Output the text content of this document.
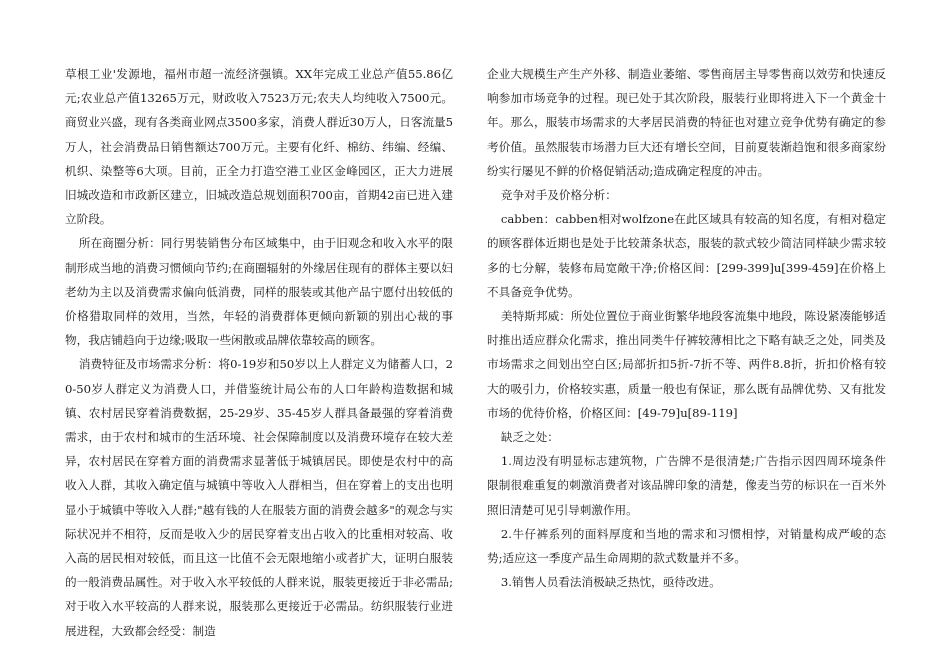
草根工业'发源地，福州市超一流经济强镇。XX年完成工业总产值55.86亿元;农业总产值13265万元，财政收入7523万元;农夫人均纯收入7500元。商贸业兴盛，现有各类商业网点3500多家，消费人群近30万人，日客流量5万人，社会消费品日销售额达700万元。主要有化纤、棉纺、纬编、经编、机织、染整等6大项。目前，正全力打造空港工业区金峰园区，正大力进展旧城改造和市政新区建立，旧城改造总规划面积700亩，首期42亩已进入建立阶段。

所在商圈分析：同行男装销售分布区域集中，由于旧观念和收入水平的限制形成当地的消费习惯倾向节约;在商圈辐射的外缘居住现有的群体主要以妇老幼为主以及消费需求偏向低消费，同样的服装或其他产品宁愿付出较低的价格猎取同样的效用，当然，年轻的消费群体更倾向新颖的别出心裁的事物，我店铺趋向于边缘;吸取一些闲散或品牌依靠较高的顾客。

消费特征及市场需求分析：将0-19岁和50岁以上人群定义为储蓄人口，20-50岁人群定义为消费人口，并借鉴统计局公布的人口年龄构造数据和城镇、农村居民穿着消费数据，25-29岁、35-45岁人群具备最强的穿着消费需求，由于农村和城市的生活环境、社会保障制度以及消费环境存在较大差异，农村居民在穿着方面的消费需求显著低于城镇居民。即使是农村中的高收入人群，其收入确定值与城镇中等收入人群相当，但在穿着上的支出也明显小于城镇中等收入人群;"越有钱的人在服装方面的消费会越多"的观念与实际状况并不相符，反而是收入少的居民穿着支出占收入的比重相对较高、收入高的居民相对较低，而且这一比值不会无限地缩小或者扩大，证明白服装的一般消费品属性。对于收入水平较低的人群来说，服装更接近于非必需品;对于收入水平较高的人群来说，服装那么更接近于必需品。纺织服装行业进展进程，大致都会经受：制造

企业大规模生产生产外移、制造业萎缩、零售商居主导零售商以效劳和快速反响参加市场竞争的过程。现已处于其次阶段，服装行业即将进入下一个黄金十年。那么，服装市场需求的大孝居民消费的特征也对建立竞争优势有确定的参考价值。虽然服装市场潜力巨大还有增长空间，目前夏装渐趋饱和很多商家纷纷实行屡见不鲜的价格促销活动;造成确定程度的冲击。

竞争对手及价格分析：

cabben：cabben相对wolfzone在此区域具有较高的知名度，有相对稳定的顾客群体近期也是处于比较萧条状态，服装的款式较少简洁同样缺少需求较多的七分解，装修布局宽敞干净;价格区间：[299-399]u[399-459]在价格上不具备竞争优势。

美特斯邦威：所处位置位于商业街繁华地段客流集中地段，陈设紧凑能够适时推出适应群众化需求，推出同类牛仔裤较薄相比之下略有缺乏之处，同类及市场需求之间划出空白区;局部折扣5折-7折不等、两件8.8折，折扣价格有较大的吸引力，价格较实惠，质量一般也有保证，那么既有品牌优势、又有批发市场的优待价格，价格区间：[49-79]u[89-119]

缺乏之处：

1.周边没有明显标志建筑物，广告牌不是很清楚;广告指示因四周环境条件限制很难重复的刺激消费者对该品牌印象的清楚，像麦当劳的标识在一百米外照旧清楚可见引导刺激作用。

2.牛仔裤系列的面料厚度和当地的需求和习惯相悖，对销量构成严峻的态势;适应这一季度产品生命周期的款式数量并不多。

3.销售人员看法消极缺乏热忱，亟待改进。
